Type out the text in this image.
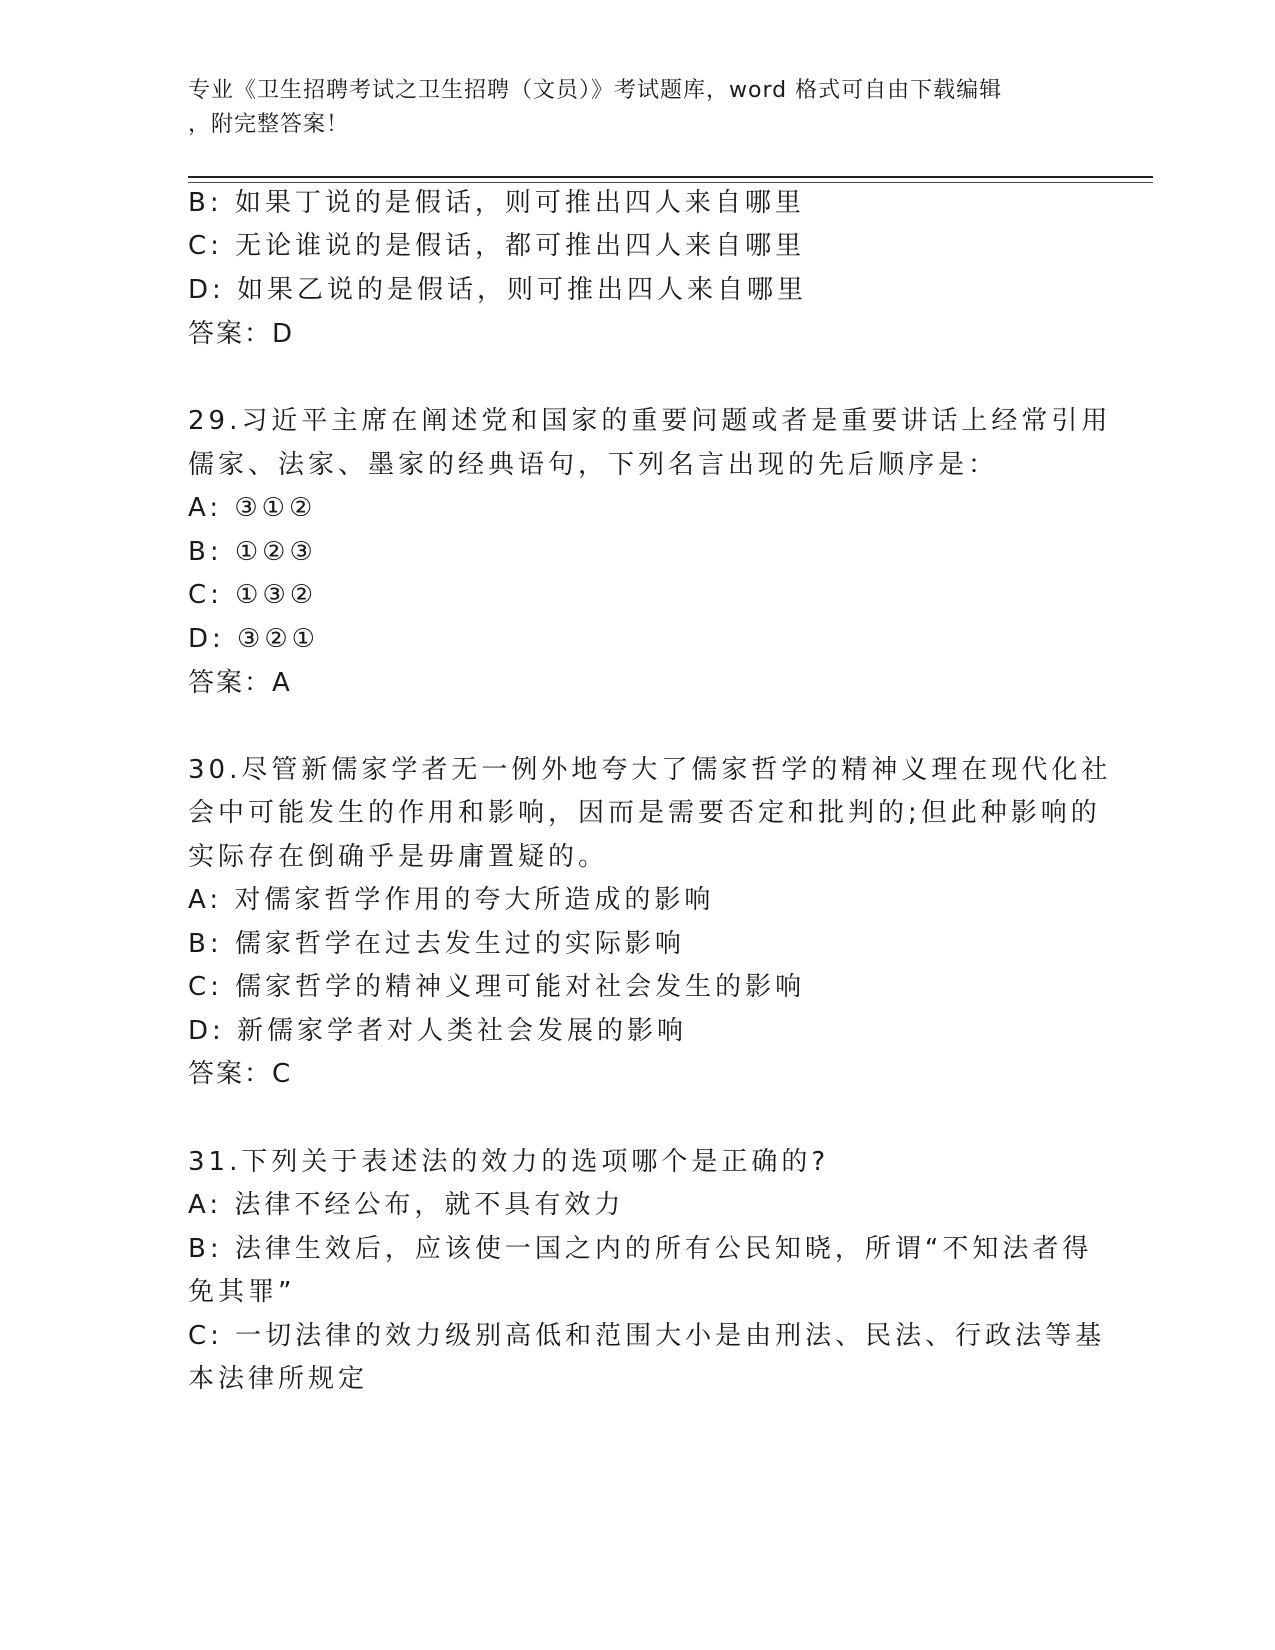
专业《卫生招聘考试之卫生招聘（文员）》考试题库，word 格式可自由下载编辑
，附完整答案！
B: 如果丁说的是假话，则可推出四人来自哪里
C: 无论谁说的是假话，都可推出四人来自哪里
D: 如果乙说的是假话，则可推出四人来自哪里
答案：D
29.习近平主席在阐述党和国家的重要问题或者是重要讲话上经常引用
儒家、法家、墨家的经典语句，下列名言出现的先后顺序是：
A: ③①②
B: ①②③
C: ①③②
D: ③②①
答案：A
30.尽管新儒家学者无一例外地夸大了儒家哲学的精神义理在现代化社
会中可能发生的作用和影响，因而是需要否定和批判的;但此种影响的
实际存在倒确乎是毋庸置疑的。
A: 对儒家哲学作用的夸大所造成的影响
B: 儒家哲学在过去发生过的实际影响
C: 儒家哲学的精神义理可能对社会发生的影响
D: 新儒家学者对人类社会发展的影响
答案：C
31.下列关于表述法的效力的选项哪个是正确的?
A: 法律不经公布，就不具有效力
B: 法律生效后，应该使一国之内的所有公民知晓，所谓“不知法者得
免其罪”
C: 一切法律的效力级别高低和范围大小是由刑法、民法、行政法等基
本法律所规定
